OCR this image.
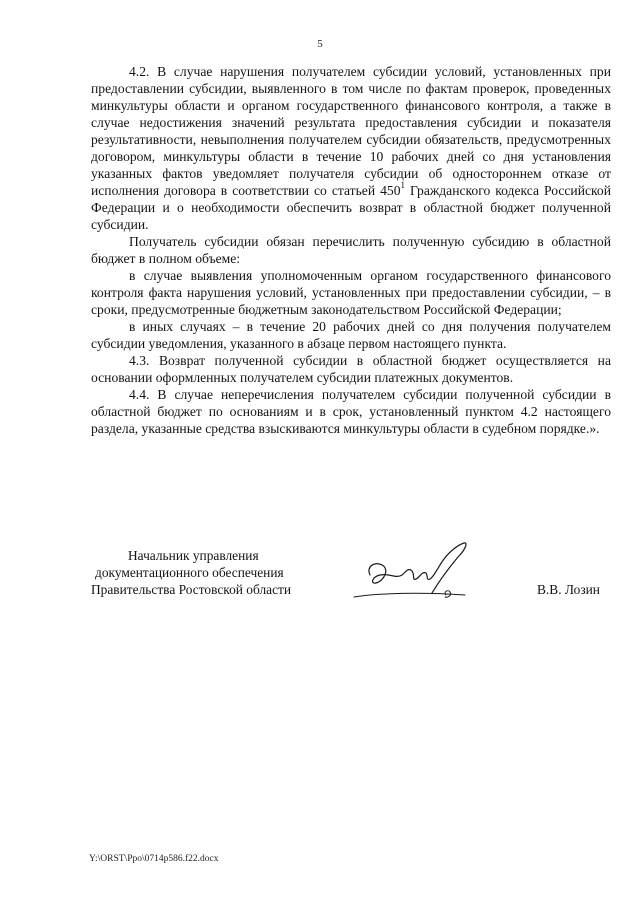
5

4.2. В случае нарушения получателем субсидии условий, установленных при предоставлении субсидии, выявленного в том числе по фактам проверок, проведенных минкультуры области и органом государственного финансового контроля, а также в случае недостижения значений результата предоставления субсидии и показателя результативности, невыполнения получателем субсидии обязательств, предусмотренных договором, минкультуры области в течение 10 рабочих дней со дня установления указанных фактов уведомляет получателя субсидии об одностороннем отказе от исполнения договора в соответствии со статьей $450^1$ Гражданского кодекса Российской Федерации и о необходимости обеспечить возврат в областной бюджет полученной субсидии.

Получатель субсидии обязан перечислить полученную субсидию в областной бюджет в полном объеме:

в случае выявления уполномоченным органом государственного финансового контроля факта нарушения условий, установленных при предоставлении субсидии, – в сроки, предусмотренные бюджетным законодательством Российской Федерации;

в иных случаях – в течение 20 рабочих дней со дня получения получателем субсидии уведомления, указанного в абзаце первом настоящего пункта.

4.3. Возврат полученной субсидии в областной бюджет осуществляется на основании оформленных получателем субсидии платежных документов.

4.4. В случае неперечисления получателем субсидии полученной субсидии в областной бюджет по основаниям и в срок, установленный пунктом 4.2 настоящего раздела, указанные средства взыскиваются минкультуры области в судебном порядке.».

Начальник управления
документационного обеспечения
Правительства Ростовской области	В.В. Лозин
Y:\ORST\Ppo\0714p586.f22.docx
